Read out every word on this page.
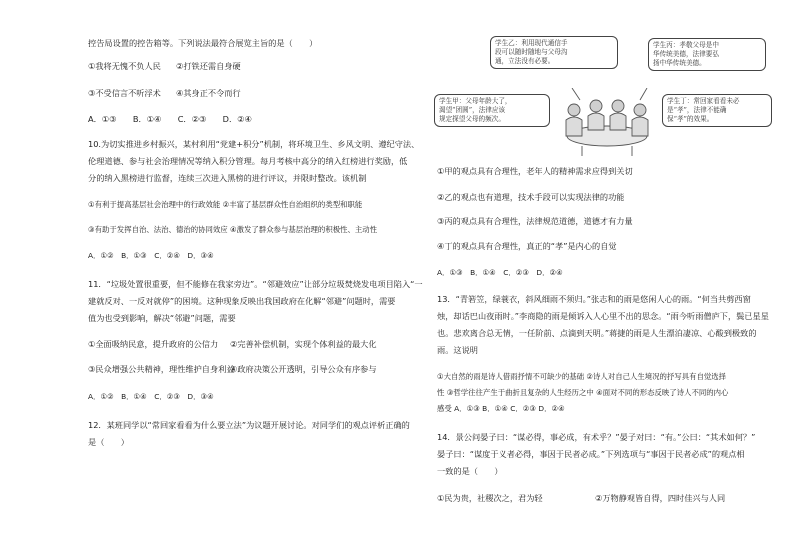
控告局设置的控告箱等。下列说法最符合展览主旨的是（　　）
①我将无愧不负人民 ②打铁还需自身硬
③不受信言不听浮术 ④其身正不令而行
A．①③　　B．①④　　C．②③　　D．②④
10.为切实推进乡村振兴，某村利用“党建+积分”机制，将环境卫生、乡风文明、遵纪守法、
伦理道德、参与社会治理情况等纳入积分管理。每月考核中高分的纳入红榜进行奖励，低
分的纳入黑榜进行监督，连续三次进入黑榜的进行评议，并限时整改。该机制
①有利于提高基层社会治理中的行政效能 ②丰富了基层群众性自治组织的类型和职能
③有助于发挥自治、法治、德治的协同效应 ④激发了群众参与基层治理的积极性、主动性
A．①②　B．①③　C．②④　D．③④
11．“垃圾处置很重要，但不能修在我家旁边”。“邻避效应”让部分垃圾焚烧发电项目陷入“一
建就反对、一反对就停”的困境。这种现象反映出我国政府在化解“邻避”问题时，需要
值为也受到影响，解决“邻避”问题，需要
①全面吸纳民意，提升政府的公信力 ②完善补偿机制，实现个体利益的最大化
③民众增强公共精神，理性维护自身利益
④政府决策公开透明，引导公众有序参与
A．①②　B．①④　C．②③　D．③④
12．某班同学以“常回家看看为什么要立法”为议题开展讨论。对同学们的观点评析正确的
是（　　）
学生乙：利用现代通信手
段可以随时随地与父母沟
通，立法没有必要。
学生丙：孝敬父母是中
华传统美德，法律要弘
扬中华传统美德。
学生甲：父母年龄大了，
渴望“团圆”，法律应该
规定探望父母的频次。
学生丁：常回家看看未必
是“孝”，法律不能确
保“孝”的效果。
①甲的观点具有合理性，老年人的精神需求应得到关切
②乙的观点也有道理，技术手段可以实现法律的功能
③丙的观点具有合理性，法律规范道德，道德才有力量
④丁的观点具有合理性，真正的“孝”是内心的自觉
A．①③　B．①④　C．②③　D．②④
13．“青箬笠，绿蓑衣，斜风细雨不须归。”张志和的雨是悠闲人心的雨。“何当共剪西窗
烛，却话巴山夜雨时。”李商隐的雨是倾诉入人心里不出的思念。“雨今听雨僧庐下，鬓已星星
也。悲欢离合总无情，一任阶前、点滴到天明。”蒋捷的雨是人生漂泊凄凉、心酸到极致的
雨。这说明
①大自然的雨是诗人借雨抒情不可缺少的基础 ②诗人对自己人生境况的抒写具有自觉选择
性 ③哲学往往产生于曲折且复杂的人生经历之中 ④面对不同的形态反映了诗人不同的内心
感受 A．①③ B．①④ C．②③ D．②④
14．景公问晏子曰：“谋必得，事必成，有术乎？”晏子对曰：“有。”公曰：“其术如何？”
晏子曰：“谋度于义者必得，事因于民者必成。”下列选项与“事因于民者必成”的观点相
一致的是（　　）
①民为贵，社稷次之，君为轻	②万物静观皆自得，四时佳兴与人同
